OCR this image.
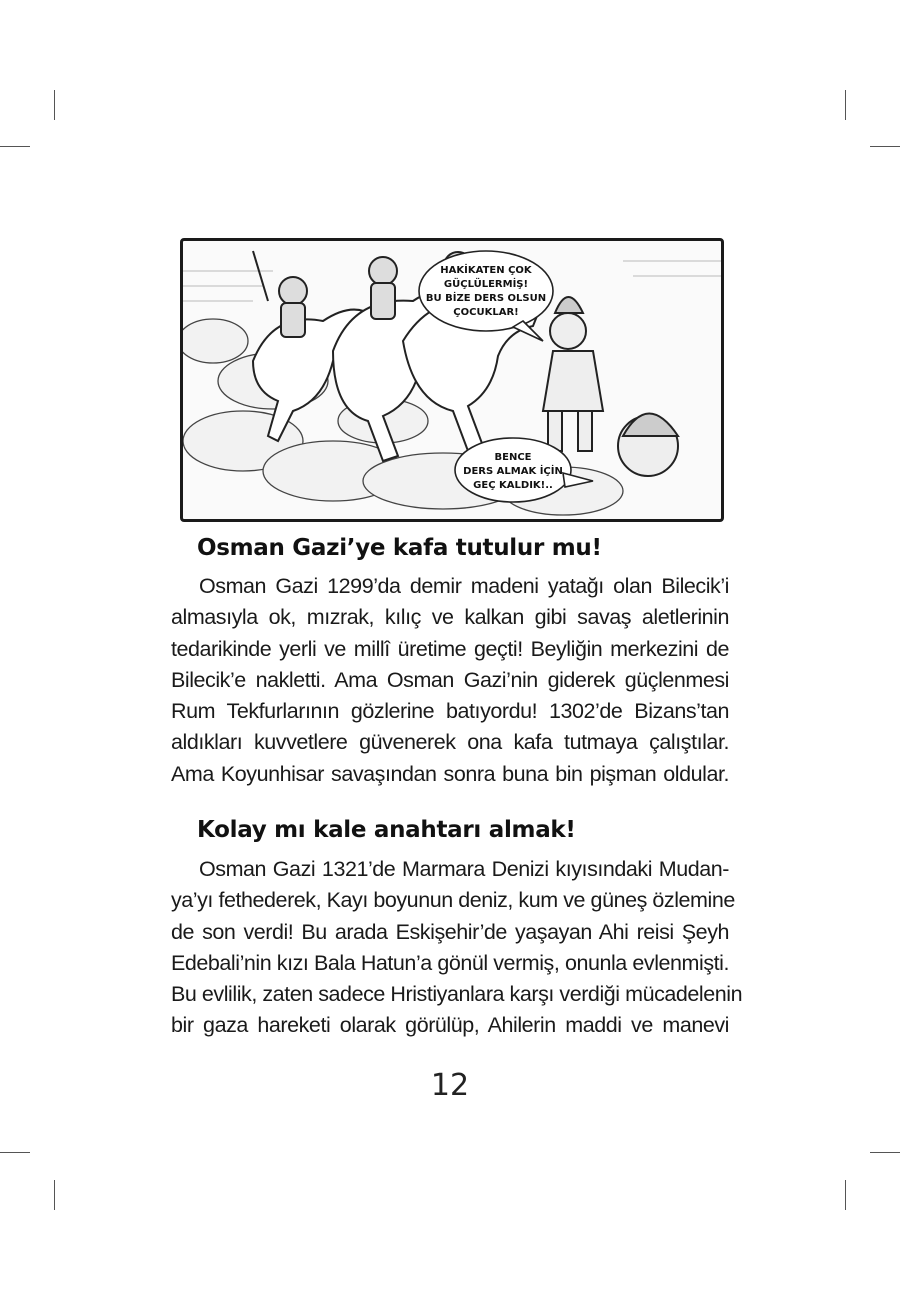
HAKİKATEN ÇOK
GÜÇLÜLERMİŞ!
BU BİZE DERS OLSUN
ÇOCUKLAR!
BENCE
DERS ALMAK İÇİN
GEÇ KALDIK!..
Osman Gazi’ye kafa tutulur mu!
Osman Gazi 1299’da demir madeni yatağı olan Bilecik’i
almasıyla ok, mızrak, kılıç ve kalkan gibi savaş aletlerinin
tedarikinde yerli ve millî üretime geçti! Beyliğin merkezini de
Bilecik’e nakletti. Ama Osman Gazi’nin giderek güçlenmesi
Rum Tekfurlarının gözlerine batıyordu! 1302’de Bizans’tan
aldıkları kuvvetlere güvenerek ona kafa tutmaya çalıştılar.
Ama Koyunhisar savaşından sonra buna bin pişman oldular.
Kolay mı kale anahtarı almak!
Osman Gazi 1321’de Marmara Denizi kıyısındaki Mudan-
ya’yı fethederek, Kayı boyunun deniz, kum ve güneş özlemine
de son verdi! Bu arada Eskişehir’de yaşayan Ahi reisi Şeyh
Edebali’nin kızı Bala Hatun’a gönül vermiş, onunla evlenmişti.
Bu evlilik, zaten sadece Hristiyanlara karşı verdiği mücadelenin
bir gaza hareketi olarak görülüp, Ahilerin maddi ve manevi
12
